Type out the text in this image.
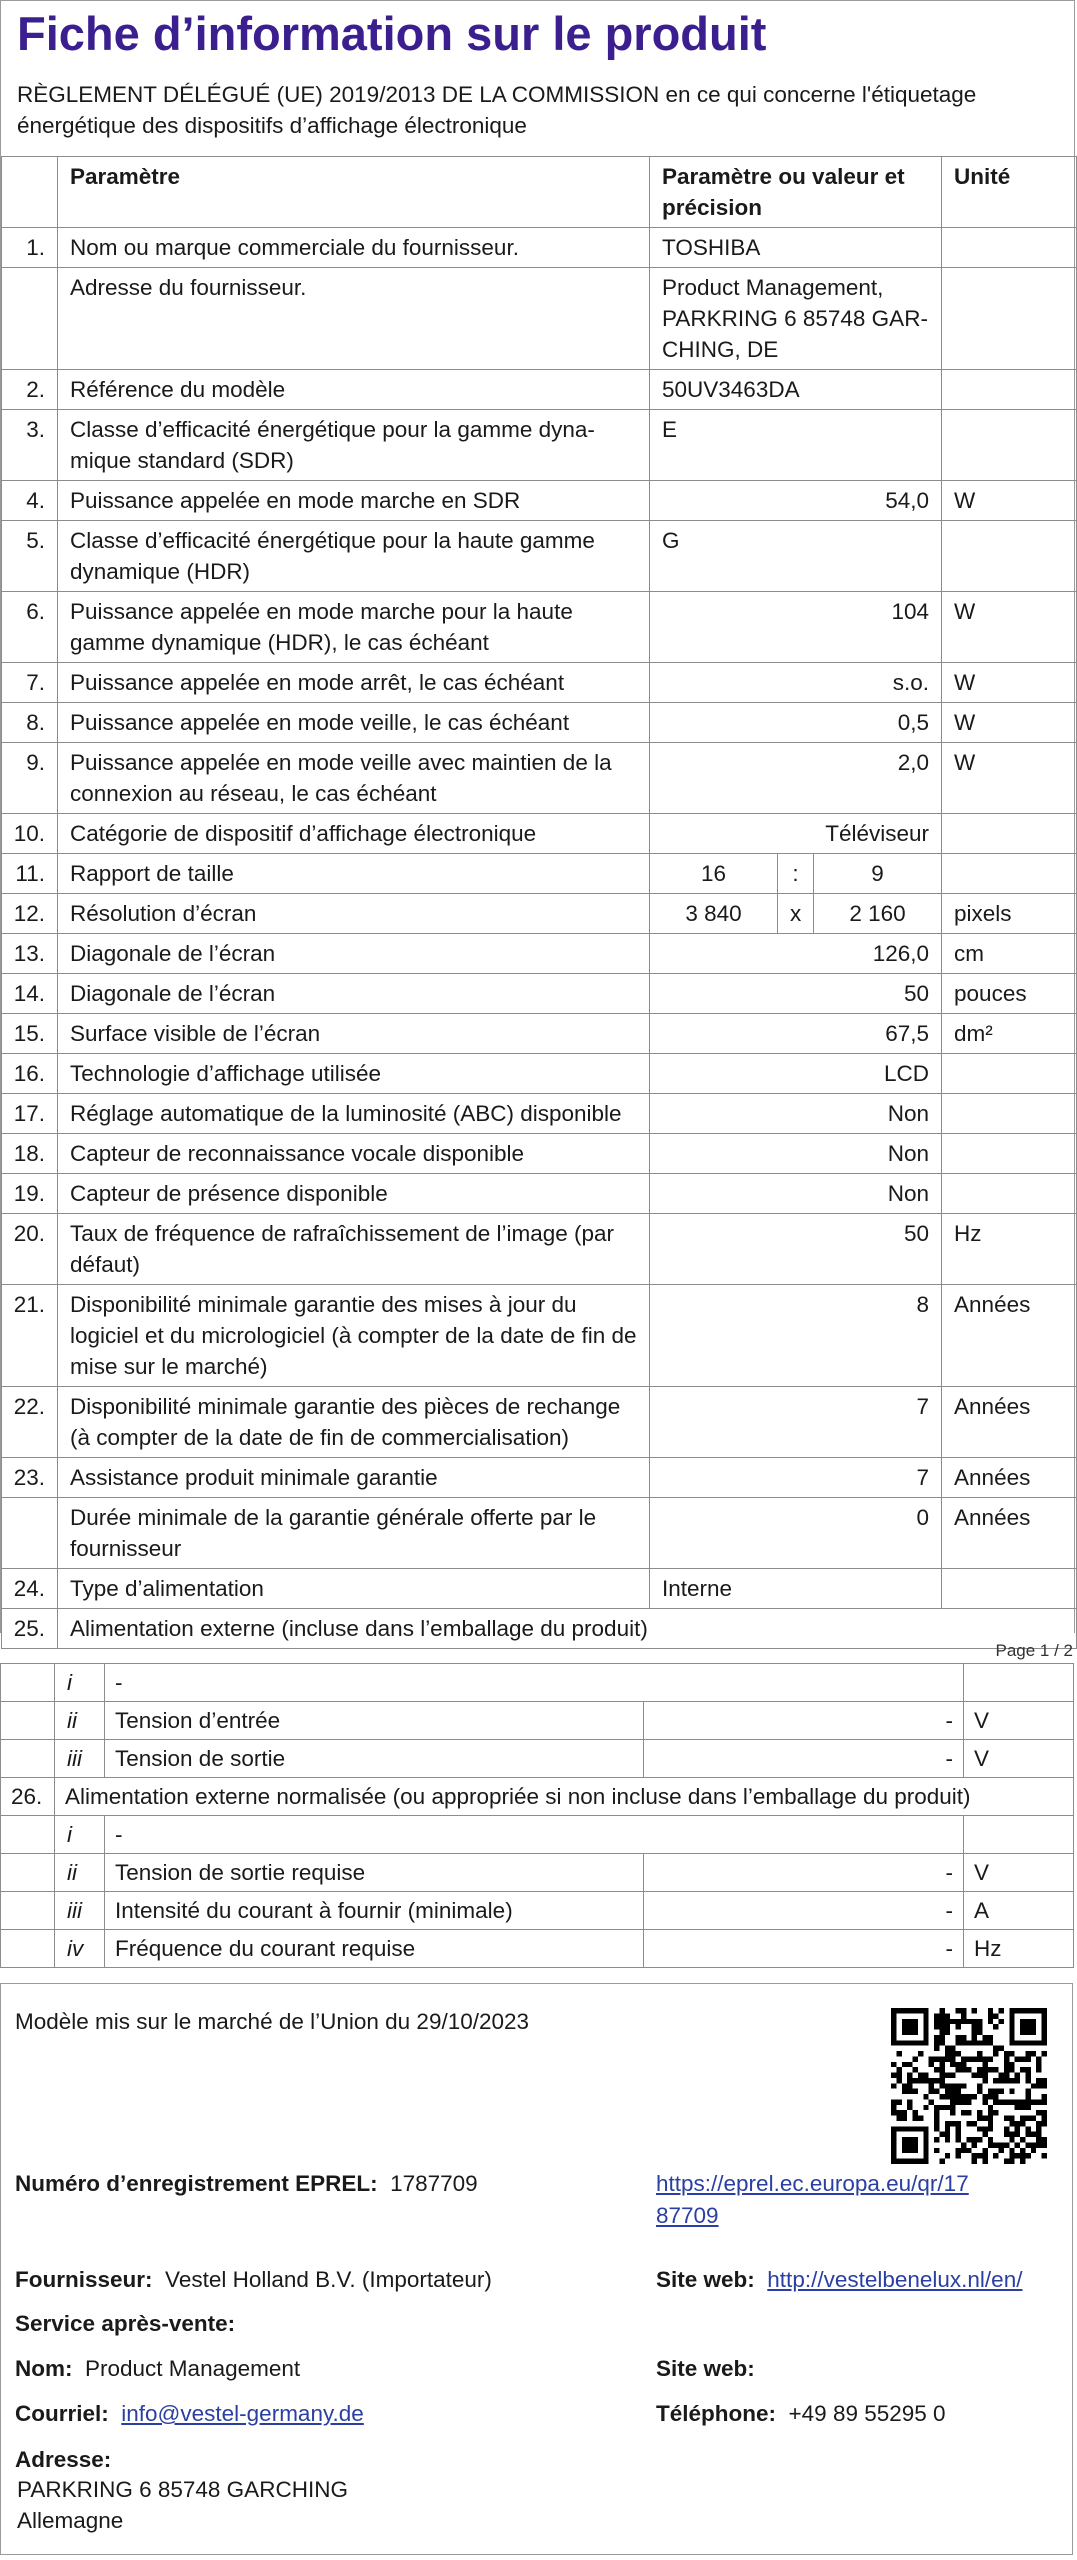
Fiche d’information sur le produit
RÈGLEMENT DÉLÉGUÉ (UE) 2019/2013 DE LA COMMISSION en ce qui concerne l'étiquetage énergétique des dispositifs d’affichage électronique
	Paramètre	Paramètre ou valeur et précision			Unité
1.	Nom ou marque commerciale du fournisseur.	TOSHIBA			
	Adresse du fournisseur.	Product Management, PARKRING 6 85748 GARCHING, DE			
2.	Référence du modèle	50UV3463DA			
3.	Classe d’efficacité énergétique pour la gamme dynamique standard (SDR)	E			
4.	Puissance appelée en mode marche en SDR	54,0			W
5.	Classe d’efficacité énergétique pour la haute gamme dynamique (HDR)	G			
6.	Puissance appelée en mode marche pour la haute gamme dynamique (HDR), le cas échéant	104			W
7.	Puissance appelée en mode arrêt, le cas échéant	s.o.			W
8.	Puissance appelée en mode veille, le cas échéant	0,5			W
9.	Puissance appelée en mode veille avec maintien de la connexion au réseau, le cas échéant	2,0			W
10.	Catégorie de dispositif d’affichage électronique	Téléviseur			
11.	Rapport de taille	16	:	9	
12.	Résolution d’écran	3 840	x	2 160	pixels
13.	Diagonale de l’écran	126,0			cm
14.	Diagonale de l’écran	50			pouces
15.	Surface visible de l’écran	67,5			dm²
16.	Technologie d’affichage utilisée	LCD			
17.	Réglage automatique de la luminosité (ABC) disponible	Non			
18.	Capteur de reconnaissance vocale disponible	Non			
19.	Capteur de présence disponible	Non			
20.	Taux de fréquence de rafraîchissement de l’image (par défaut)	50			Hz
21.	Disponibilité minimale garantie des mises à jour du logiciel et du micrologiciel (à compter de la date de fin de mise sur le marché)	8			Années
22.	Disponibilité minimale garantie des pièces de rechange (à compter de la date de fin de commercialisation)	7			Années
23.	Assistance produit minimale garantie	7			Années
	Durée minimale de la garantie générale offerte par le fournisseur	0			Années
24.	Type d’alimentation	Interne			
25.	Alimentation externe (incluse dans l’emballage du produit)				
Page 1 / 2
	i	-		
	ii	Tension d’entrée	-	V
	iii	Tension de sortie	-	V
26.	Alimentation externe normalisée (ou appropriée si non incluse dans l’emballage du produit)			
	i	-		
	ii	Tension de sortie requise	-	V
	iii	Intensité du courant à fournir (minimale)	-	A
	iv	Fréquence du courant requise	-	Hz
Modèle mis sur le marché de l’Union du 29/10/2023
Numéro d’enregistrement EPREL: 1787709	https://eprel.ec.europa.eu/qr/17
87709
Fournisseur: Vestel Holland B.V. (Importateur)	Site web: http://vestelbenelux.nl/en/
Service après-vente:
Nom: Product Management	Site web:
Courriel: info@vestel-germany.de	Téléphone: +49 89 55295 0
Adresse:
PARKRING 6 85748 GARCHING
Allemagne
